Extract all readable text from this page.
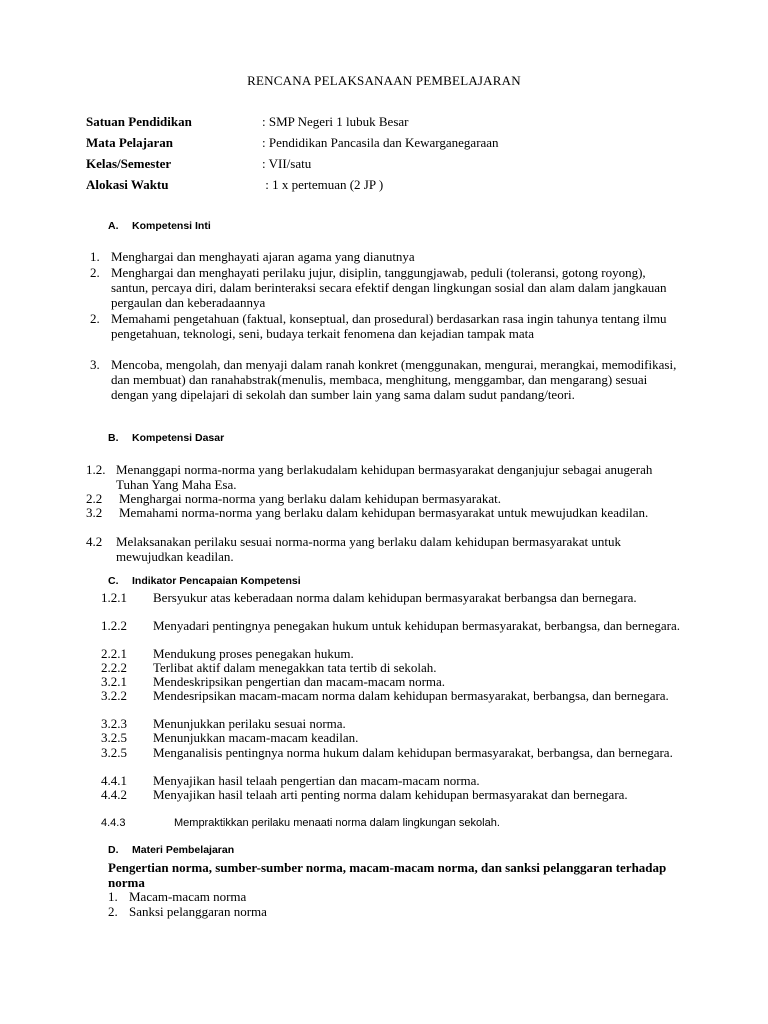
RENCANA PELAKSANAAN PEMBELAJARAN
Satuan Pendidikan	: SMP Negeri 1 lubuk Besar
Mata Pelajaran	: Pendidikan Pancasila dan Kewarganegaraan
Kelas/Semester	: VII/satu
Alokasi Waktu	: 1 x pertemuan (2 JP )
A. Kompetensi Inti
1. Menghargai dan menghayati ajaran agama yang dianutnya
2. Menghargai dan menghayati perilaku jujur, disiplin, tanggungjawab, peduli (toleransi, gotong royong), santun, percaya diri, dalam berinteraksi secara efektif dengan lingkungan sosial dan alam dalam jangkauan pergaulan dan keberadaannya
2. Memahami pengetahuan (faktual, konseptual, dan prosedural) berdasarkan rasa ingin tahunya tentang ilmu pengetahuan, teknologi, seni, budaya terkait fenomena dan kejadian tampak mata
3. Mencoba, mengolah, dan menyaji dalam ranah konkret (menggunakan, mengurai, merangkai, memodifikasi, dan membuat) dan ranahabstrak(menulis, membaca, menghitung, menggambar, dan mengarang) sesuai dengan yang dipelajari di sekolah dan sumber lain yang sama dalam sudut pandang/teori.
B. Kompetensi Dasar
1.2. Menanggapi norma-norma yang berlakudalam kehidupan bermasyarakat denganjujur sebagai anugerah Tuhan Yang Maha Esa.
2.2 Menghargai norma-norma yang berlaku dalam kehidupan bermasyarakat.
3.2 Memahami norma-norma yang berlaku dalam kehidupan bermasyarakat untuk mewujudkan keadilan.
4.2 Melaksanakan perilaku sesuai norma-norma yang berlaku dalam kehidupan bermasyarakat untuk mewujudkan keadilan.
C. Indikator Pencapaian Kompetensi
1.2.1 Bersyukur atas keberadaan norma dalam kehidupan bermasyarakat berbangsa dan bernegara.
1.2.2 Menyadari pentingnya penegakan hukum untuk kehidupan bermasyarakat, berbangsa, dan bernegara.
2.2.1 Mendukung proses penegakan hukum.
2.2.2 Terlibat aktif dalam menegakkan tata tertib di sekolah.
3.2.1 Mendeskripsikan pengertian dan macam-macam norma.
3.2.2 Mendesripsikan macam-macam norma dalam kehidupan bermasyarakat, berbangsa, dan bernegara.
3.2.3 Menunjukkan perilaku sesuai norma.
3.2.5 Menunjukkan macam-macam keadilan.
3.2.5 Menganalisis pentingnya norma hukum dalam kehidupan bermasyarakat, berbangsa, dan bernegara.
4.4.1 Menyajikan hasil telaah pengertian dan macam-macam norma.
4.4.2 Menyajikan hasil telaah arti penting norma dalam kehidupan bermasyarakat dan bernegara.
4.4.3	Mempraktikkan perilaku menaati norma dalam lingkungan sekolah.
D. Materi Pembelajaran
Pengertian norma, sumber-sumber norma, macam-macam norma, dan sanksi pelanggaran terhadap norma
1. Macam-macam norma
2. Sanksi pelanggaran norma
